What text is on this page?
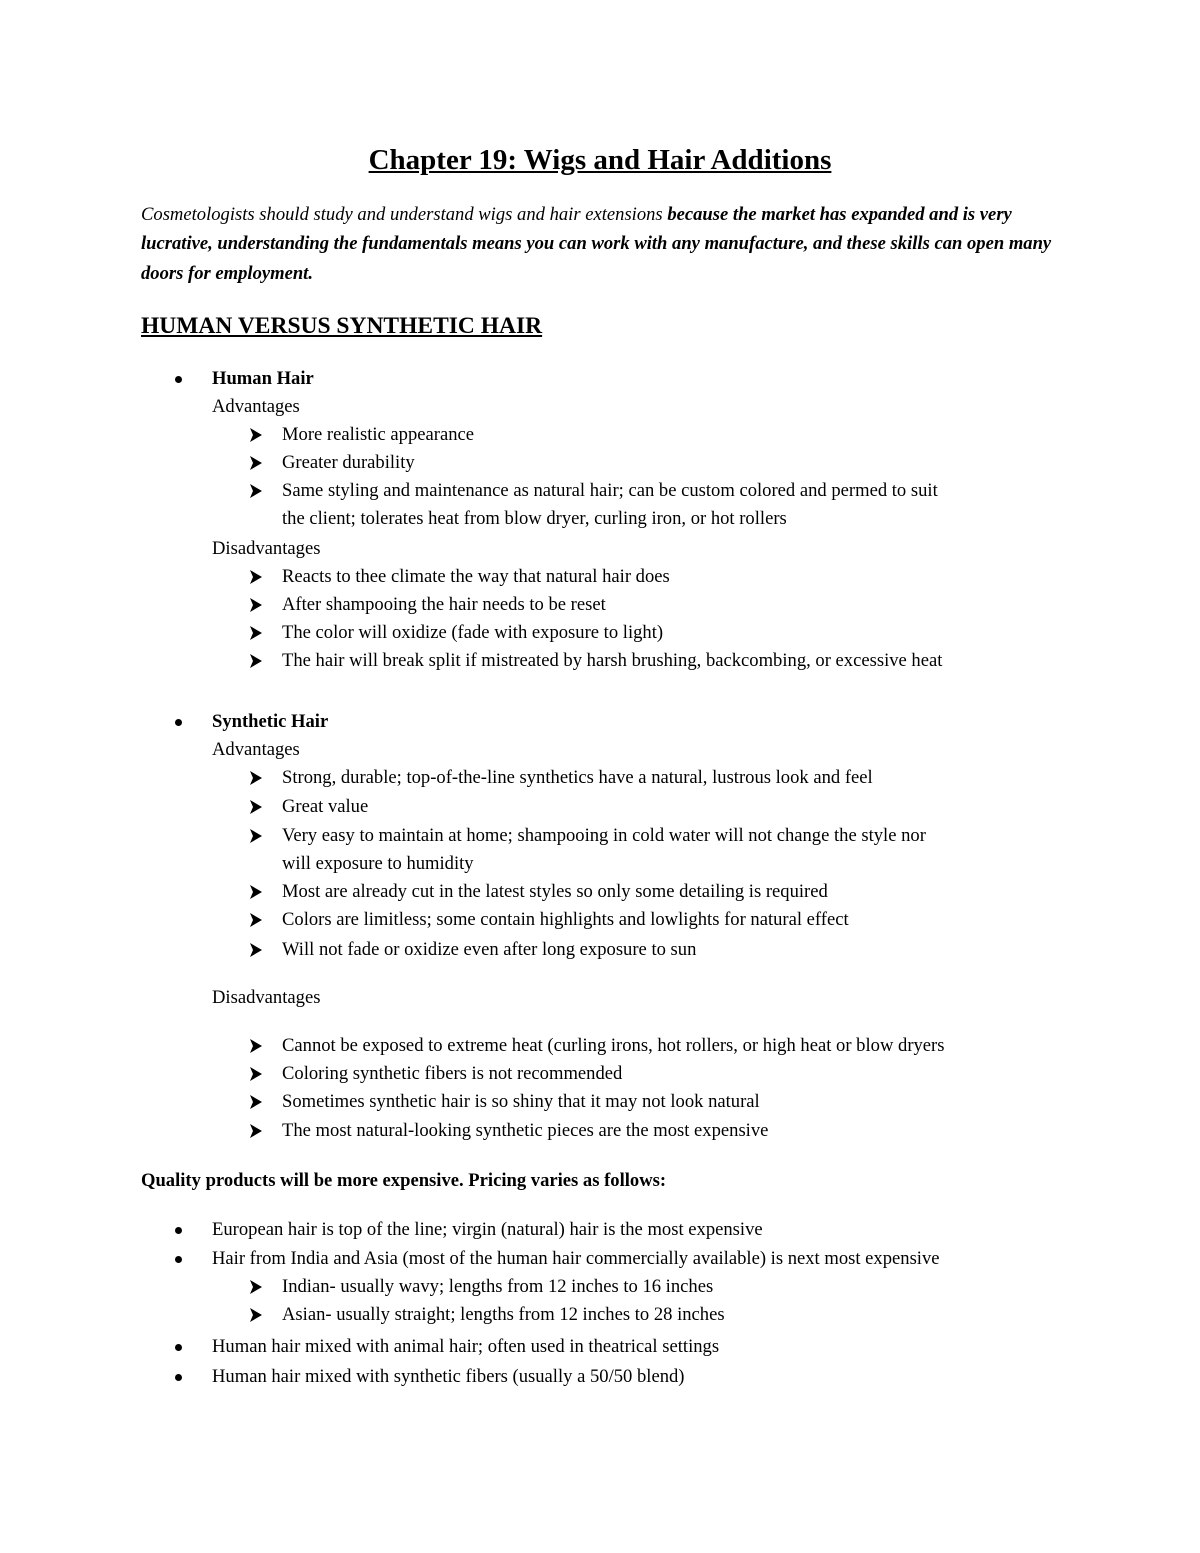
Chapter 19: Wigs and Hair Additions
Cosmetologists should study and understand wigs and hair extensions because the market has expanded and is very lucrative, understanding the fundamentals means you can work with any manufacture, and these skills can open many doors for employment.
HUMAN VERSUS SYNTHETIC HAIR
Human Hair
Advantages
More realistic appearance
Greater durability
Same styling and maintenance as natural hair; can be custom colored and permed to suit
the client; tolerates heat from blow dryer, curling iron, or hot rollers
Disadvantages
Reacts to thee climate the way that natural hair does
After shampooing the hair needs to be reset
The color will oxidize (fade with exposure to light)
The hair will break split if mistreated by harsh brushing, backcombing, or excessive heat
Synthetic Hair
Advantages
Strong, durable; top-of-the-line synthetics have a natural, lustrous look and feel
Great value
Very easy to maintain at home; shampooing in cold water will not change the style nor
will exposure to humidity
Most are already cut in the latest styles so only some detailing is required
Colors are limitless; some contain highlights and lowlights for natural effect
Will not fade or oxidize even after long exposure to sun
Disadvantages
Cannot be exposed to extreme heat (curling irons, hot rollers, or high heat or blow dryers
Coloring synthetic fibers is not recommended
Sometimes synthetic hair is so shiny that it may not look natural
The most natural-looking synthetic pieces are the most expensive
Quality products will be more expensive. Pricing varies as follows:
European hair is top of the line; virgin (natural) hair is the most expensive
Hair from India and Asia (most of the human hair commercially available) is next most expensive
Indian- usually wavy; lengths from 12 inches to 16 inches
Asian- usually straight; lengths from 12 inches to 28 inches
Human hair mixed with animal hair; often used in theatrical settings
Human hair mixed with synthetic fibers (usually a 50/50 blend)
